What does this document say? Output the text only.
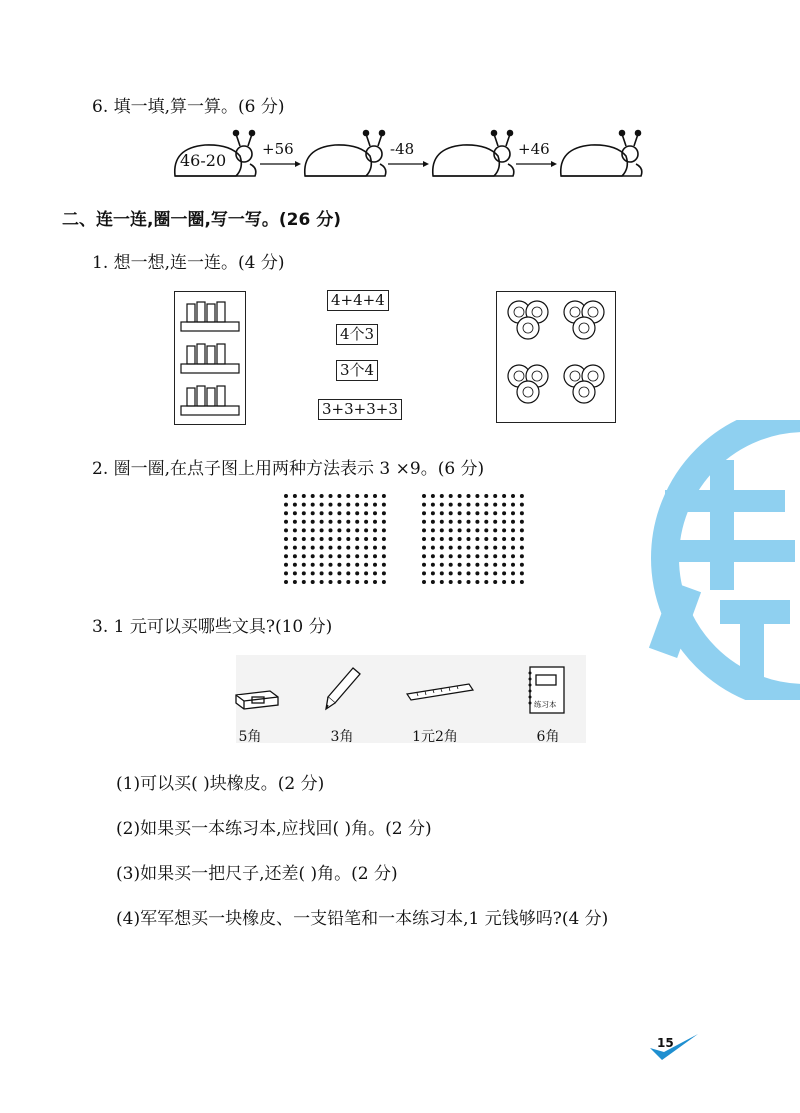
6. 填一填,算一算。(6 分)
46-20
+56	-48	+46
二、连一连,圈一圈,写一写。(26 分)
1. 想一想,连一连。(4 分)
4+4+4
4个3
3个4
3+3+3+3
2. 圈一圈,在点子图上用两种方法表示 3 ×9。(6 分)
3. 1 元可以买哪些文具?(10 分)
练习本
5角	3角	1元2角	6角
(1)可以买( )块橡皮。(2 分)
(2)如果买一本练习本,应找回( )角。(2 分)
(3)如果买一把尺子,还差( )角。(2 分)
(4)军军想买一块橡皮、一支铅笔和一本练习本,1 元钱够吗?(4 分)
15
